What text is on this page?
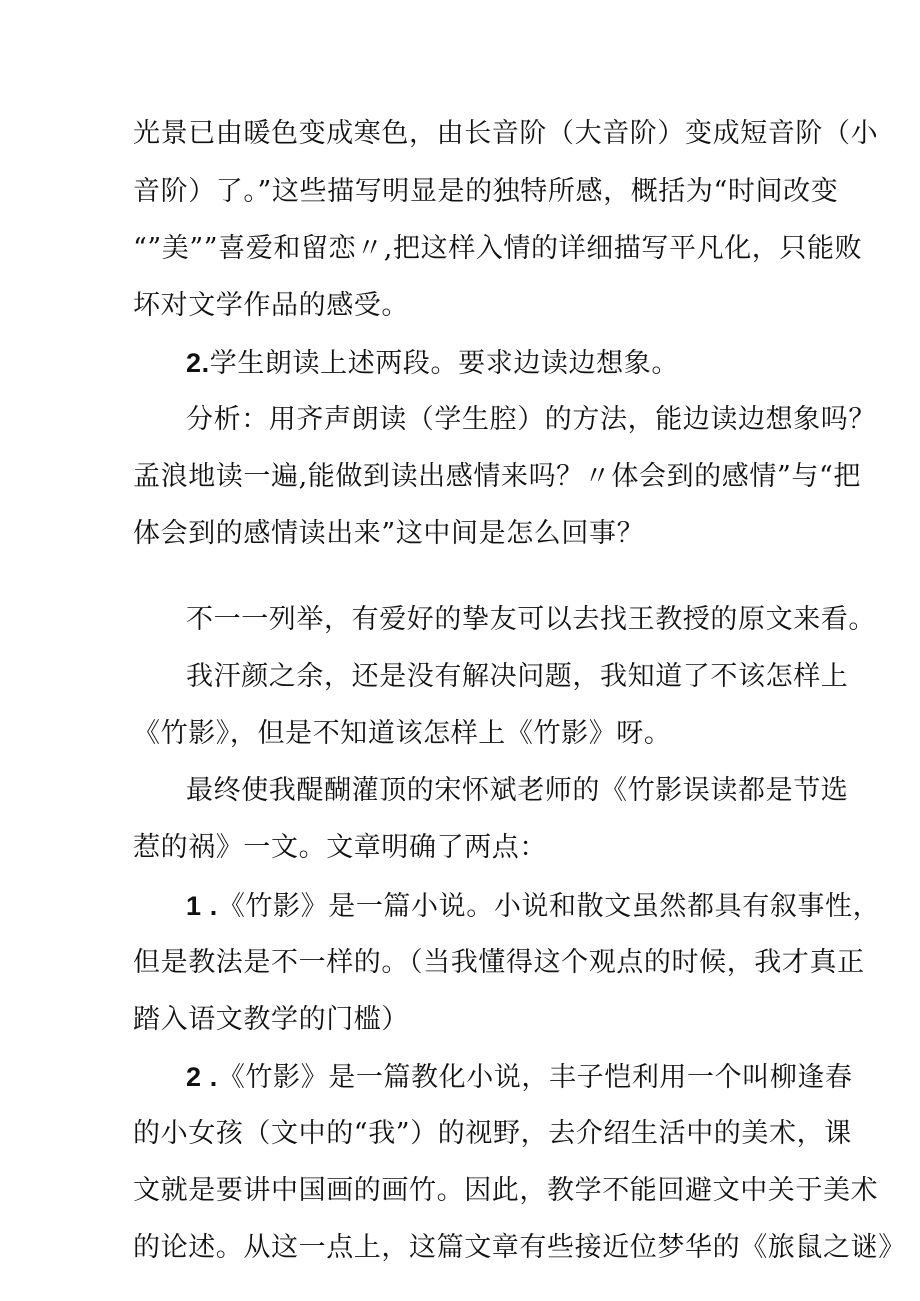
光景已由暖色变成寒色，由长音阶（大音阶）变成短音阶（小
音阶）了。”这些描写明显是的独特所感，概括为“时间改变
“”美””喜爱和留恋〃,把这样入情的详细描写平凡化，只能败
坏对文学作品的感受。
2.学生朗读上述两段。要求边读边想象。
分析：用齐声朗读（学生腔）的方法，能边读边想象吗？
孟浪地读一遍,能做到读出感情来吗？〃体会到的感情”与“把
体会到的感情读出来”这中间是怎么回事？
不一一列举，有爱好的挚友可以去找王教授的原文来看。
我汗颜之余，还是没有解决问题，我知道了不该怎样上
《竹影》，但是不知道该怎样上《竹影》呀。
最终使我醍醐灌顶的宋怀斌老师的《竹影误读都是节选
惹的祸》一文。文章明确了两点：
1 .《竹影》是一篇小说。小说和散文虽然都具有叙事性，
但是教法是不一样的。（当我懂得这个观点的时候，我才真正
踏入语文教学的门槛）
2 .《竹影》是一篇教化小说，丰子恺利用一个叫柳逢春
的小女孩（文中的“我”）的视野，去介绍生活中的美术，课
文就是要讲中国画的画竹。因此，教学不能回避文中关于美术
的论述。从这一点上，这篇文章有些接近位梦华的《旅鼠之谜》
